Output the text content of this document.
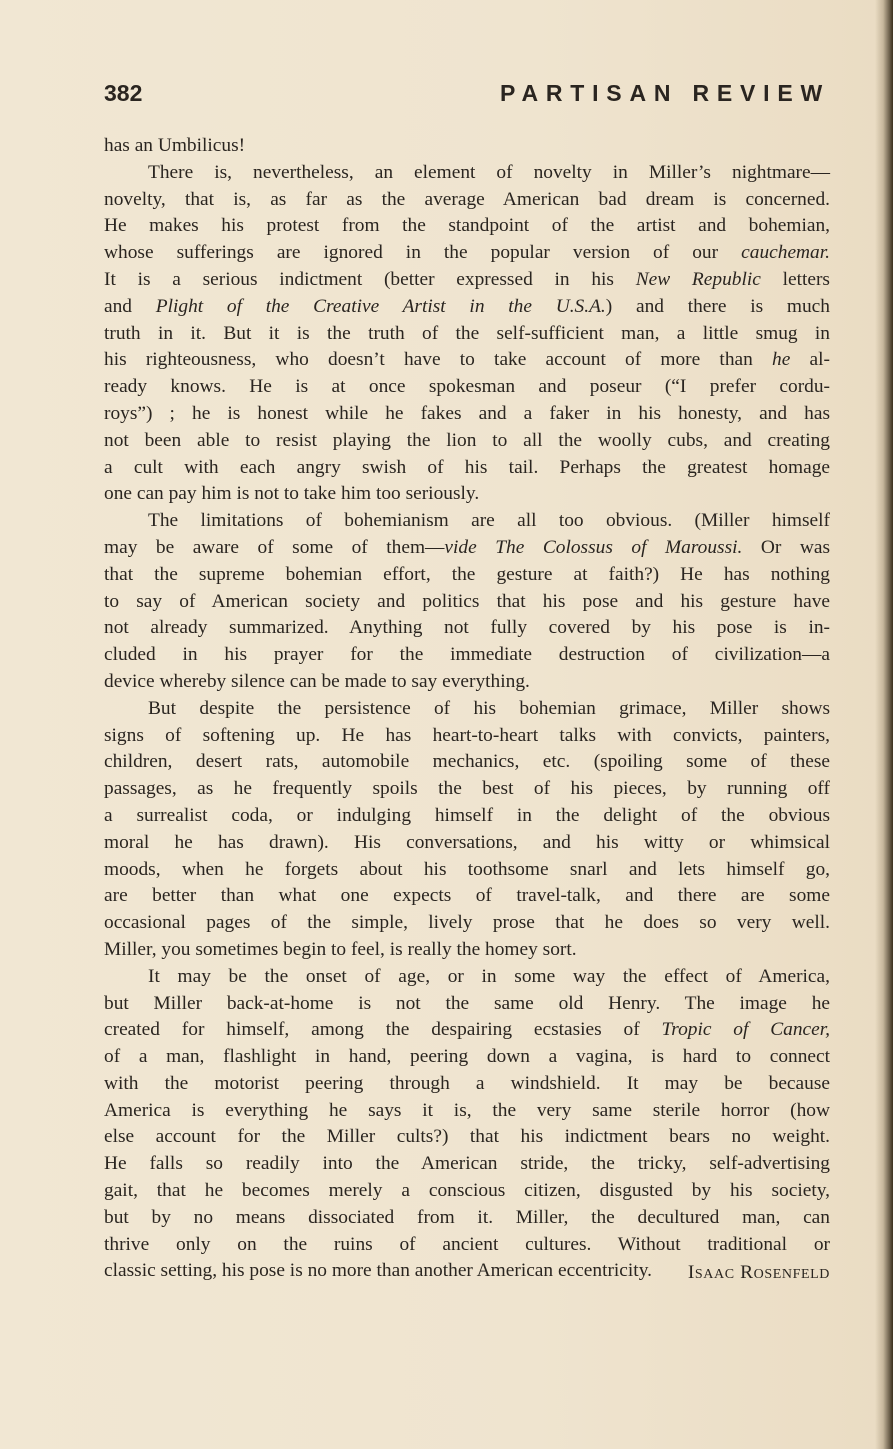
382	PARTISAN REVIEW
has an Umbilicus!
There is, nevertheless, an element of novelty in Miller’s nightmare—
novelty, that is, as far as the average American bad dream is concerned.
He makes his protest from the standpoint of the artist and bohemian,
whose sufferings are ignored in the popular version of our cauchemar.
It is a serious indictment (better expressed in his New Republic letters
and Plight of the Creative Artist in the U.S.A.) and there is much
truth in it. But it is the truth of the self-sufficient man, a little smug in
his righteousness, who doesn’t have to take account of more than he al-
ready knows. He is at once spokesman and poseur (“I prefer cordu-
roys”) ; he is honest while he fakes and a faker in his honesty, and has
not been able to resist playing the lion to all the woolly cubs, and creating
a cult with each angry swish of his tail. Perhaps the greatest homage
one can pay him is not to take him too seriously.
The limitations of bohemianism are all too obvious. (Miller himself
may be aware of some of them—vide The Colossus of Maroussi. Or was
that the supreme bohemian effort, the gesture at faith?) He has nothing
to say of American society and politics that his pose and his gesture have
not already summarized. Anything not fully covered by his pose is in-
cluded in his prayer for the immediate destruction of civilization—a
device whereby silence can be made to say everything.
But despite the persistence of his bohemian grimace, Miller shows
signs of softening up. He has heart-to-heart talks with convicts, painters,
children, desert rats, automobile mechanics, etc. (spoiling some of these
passages, as he frequently spoils the best of his pieces, by running off
a surrealist coda, or indulging himself in the delight of the obvious
moral he has drawn). His conversations, and his witty or whimsical
moods, when he forgets about his toothsome snarl and lets himself go,
are better than what one expects of travel-talk, and there are some
occasional pages of the simple, lively prose that he does so very well.
Miller, you sometimes begin to feel, is really the homey sort.
It may be the onset of age, or in some way the effect of America,
but Miller back-at-home is not the same old Henry. The image he
created for himself, among the despairing ecstasies of Tropic of Cancer,
of a man, flashlight in hand, peering down a vagina, is hard to connect
with the motorist peering through a windshield. It may be because
America is everything he says it is, the very same sterile horror (how
else account for the Miller cults?) that his indictment bears no weight.
He falls so readily into the American stride, the tricky, self-advertising
gait, that he becomes merely a conscious citizen, disgusted by his society,
but by no means dissociated from it. Miller, the decultured man, can
thrive only on the ruins of ancient cultures. Without traditional or
classic setting, his pose is no more than another American eccentricity.	Isaac Rosenfeld
